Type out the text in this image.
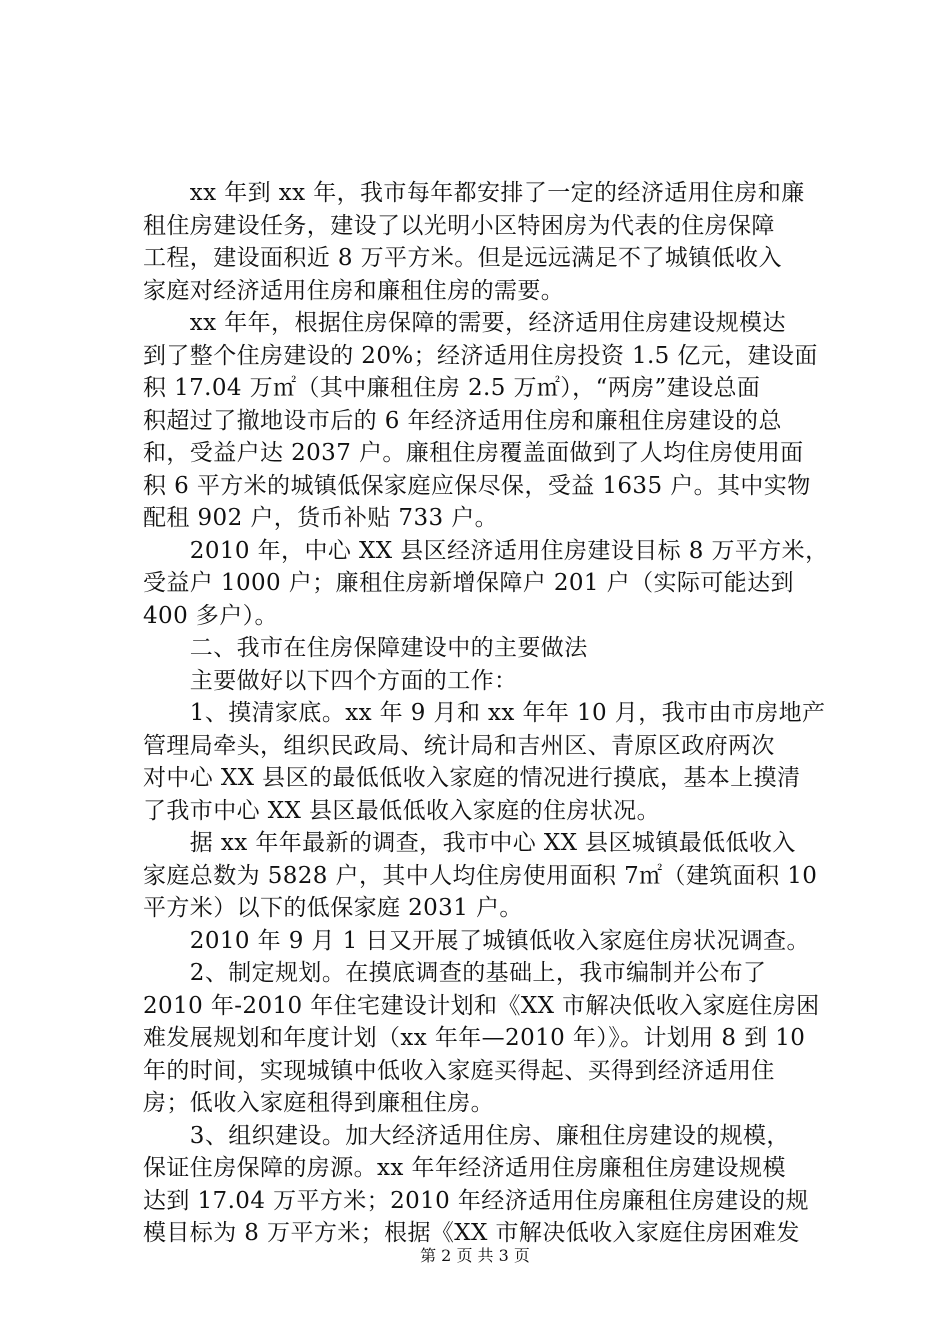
　　xx 年到 xx 年，我市每年都安排了一定的经济适用住房和廉
租住房建设任务，建设了以光明小区特困房为代表的住房保障
工程，建设面积近 8 万平方米。但是远远满足不了城镇低收入
家庭对经济适用住房和廉租住房的需要。
　　xx 年年，根据住房保障的需要，经济适用住房建设规模达
到了整个住房建设的 20%；经济适用住房投资 1.5 亿元，建设面
积 17.04 万㎡（其中廉租住房 2.5 万㎡），“两房”建设总面
积超过了撤地设市后的 6 年经济适用住房和廉租住房建设的总
和，受益户达 2037 户。廉租住房覆盖面做到了人均住房使用面
积 6 平方米的城镇低保家庭应保尽保，受益 1635 户。其中实物
配租 902 户，货币补贴 733 户。
　　2010 年，中心 XX 县区经济适用住房建设目标 8 万平方米，
受益户 1000 户；廉租住房新增保障户 201 户（实际可能达到
400 多户）。
　　二、我市在住房保障建设中的主要做法
　　主要做好以下四个方面的工作：
　　1、摸清家底。xx 年 9 月和 xx 年年 10 月，我市由市房地产
管理局牵头，组织民政局、统计局和吉州区、青原区政府两次
对中心 XX 县区的最低低收入家庭的情况进行摸底，基本上摸清
了我市中心 XX 县区最低低收入家庭的住房状况。
　　据 xx 年年最新的调查，我市中心 XX 县区城镇最低低收入
家庭总数为 5828 户，其中人均住房使用面积 7㎡（建筑面积 10
平方米）以下的低保家庭 2031 户。
　　2010 年 9 月 1 日又开展了城镇低收入家庭住房状况调查。
　　2、制定规划。在摸底调查的基础上，我市编制并公布了
2010 年-2010 年住宅建设计划和《XX 市解决低收入家庭住房困
难发展规划和年度计划（xx 年年—2010 年）》。计划用 8 到 10
年的时间，实现城镇中低收入家庭买得起、买得到经济适用住
房；低收入家庭租得到廉租住房。
　　3、组织建设。加大经济适用住房、廉租住房建设的规模，
保证住房保障的房源。xx 年年经济适用住房廉租住房建设规模
达到 17.04 万平方米；2010 年经济适用住房廉租住房建设的规
模目标为 8 万平方米；根据《XX 市解决低收入家庭住房困难发
第 2 页 共 3 页
